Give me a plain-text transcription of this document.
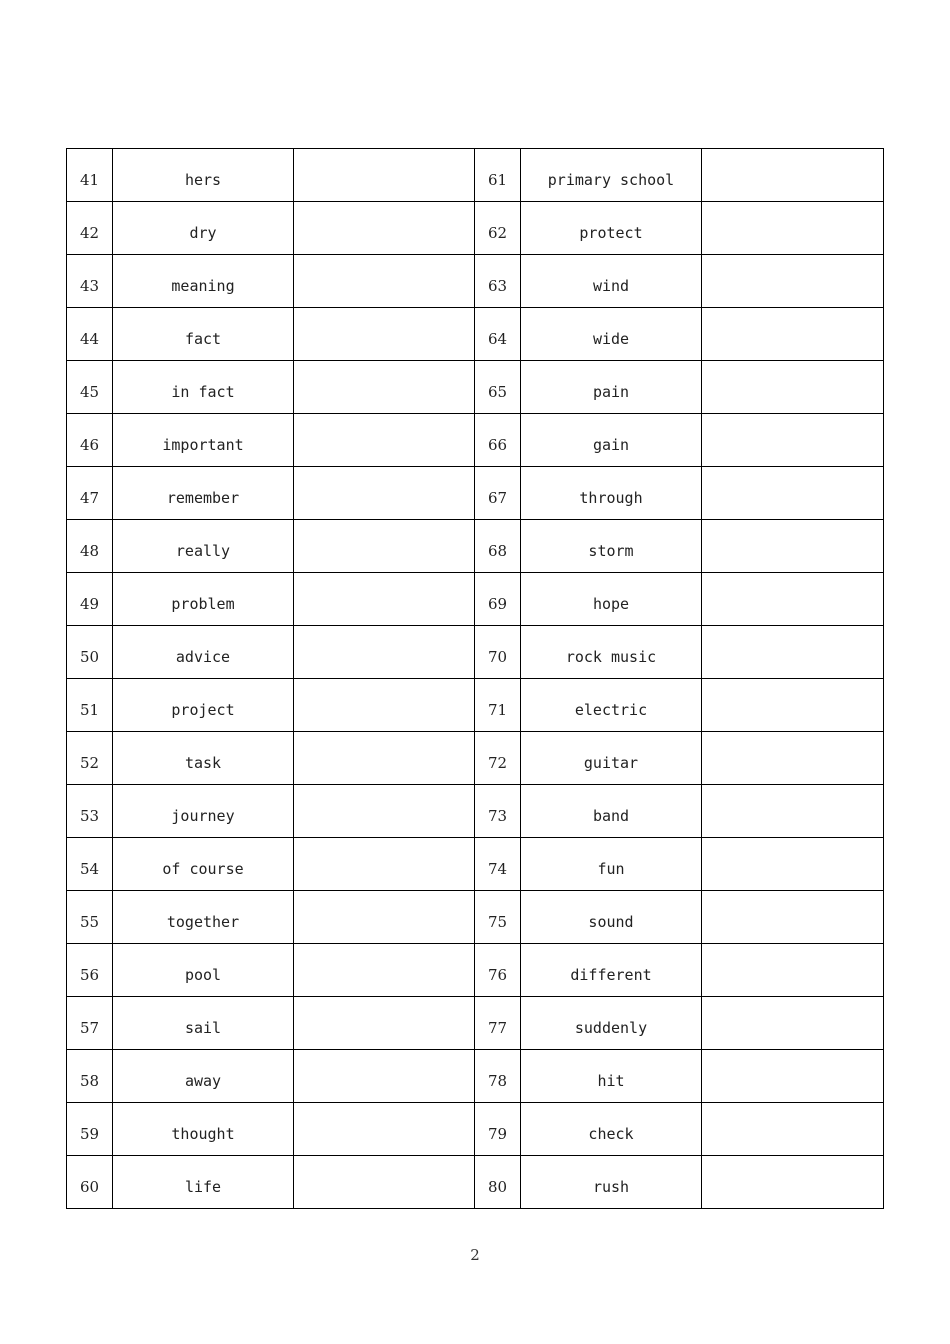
41	hers		61	primary school	
42	dry		62	protect	
43	meaning		63	wind	
44	fact		64	wide	
45	in fact		65	pain	
46	important		66	gain	
47	remember		67	through	
48	really		68	storm	
49	problem		69	hope	
50	advice		70	rock music	
51	project		71	electric	
52	task		72	guitar	
53	journey		73	band	
54	of course		74	fun	
55	together		75	sound	
56	pool		76	different	
57	sail		77	suddenly	
58	away		78	hit	
59	thought		79	check	
60	life		80	rush	
2
